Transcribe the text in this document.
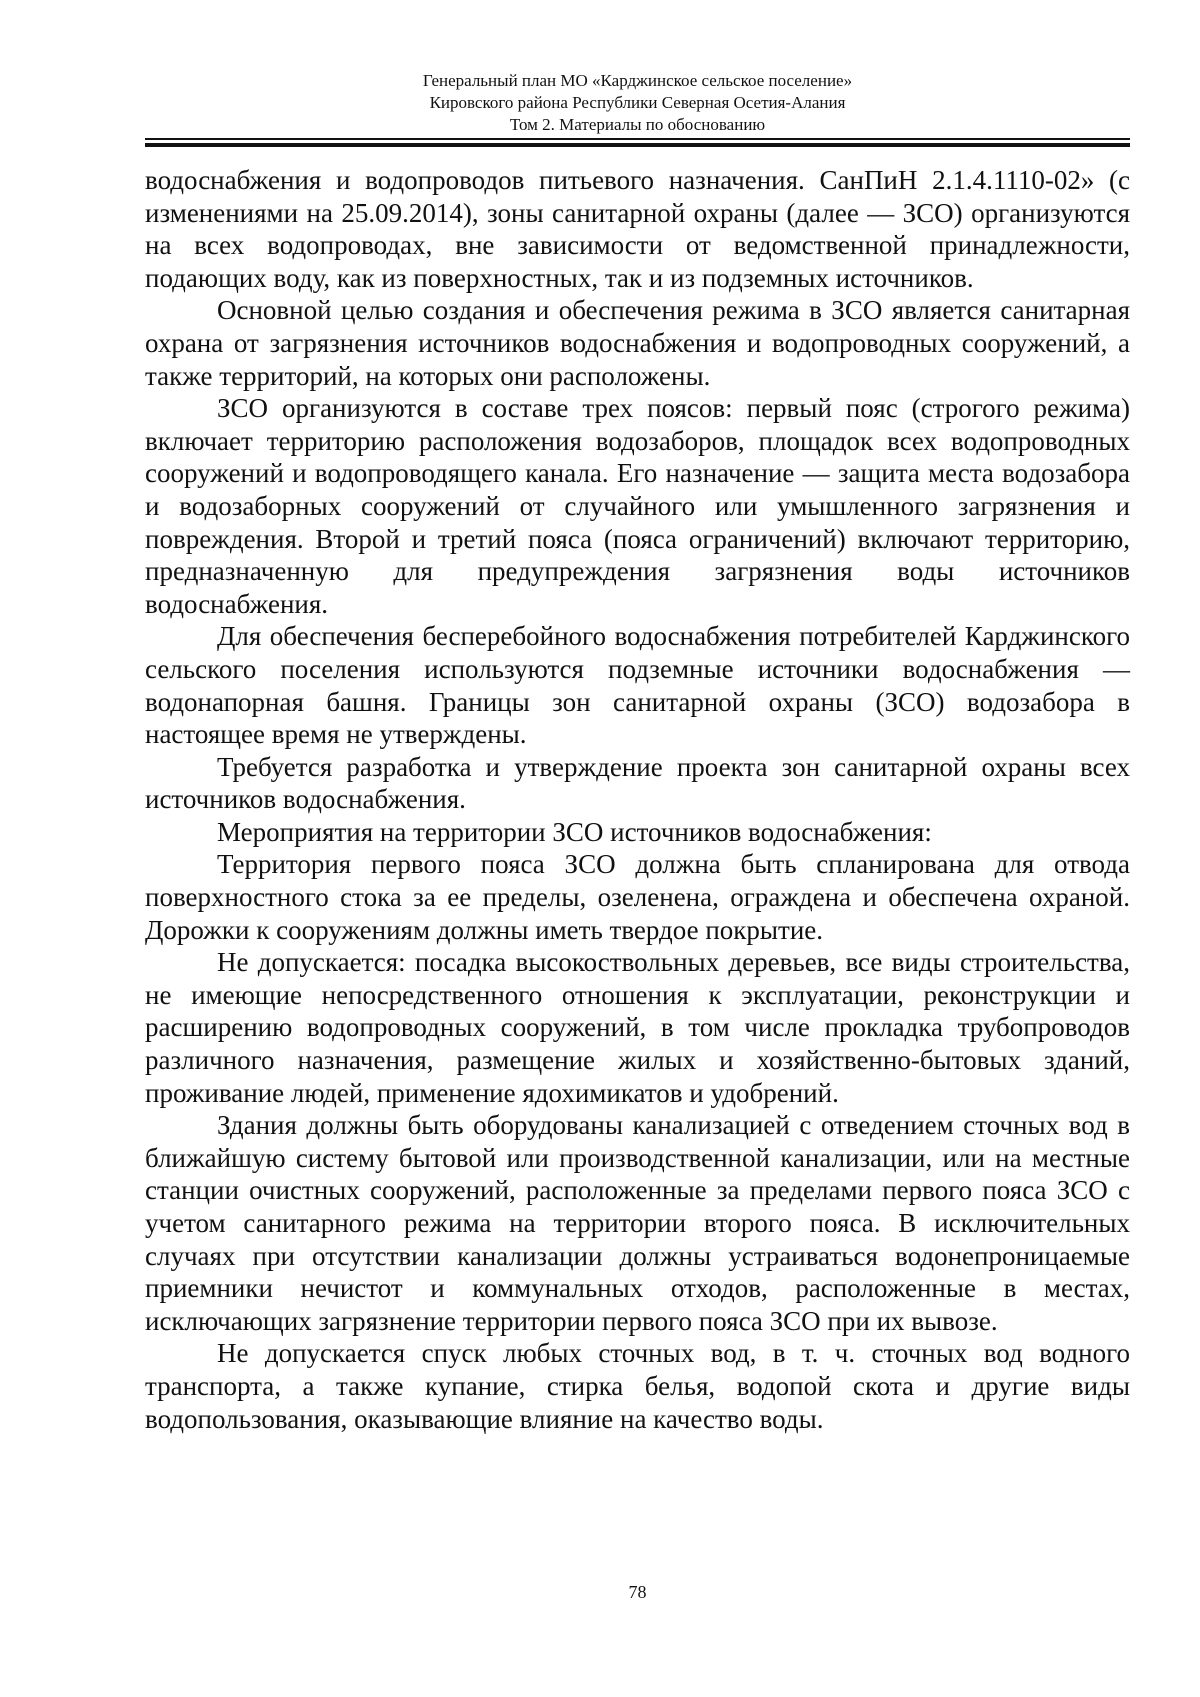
Генеральный план МО «Карджинское сельское поселение»
Кировского района Республики Северная Осетия-Алания
Том 2. Материалы по обоснованию

водоснабжения и водопроводов питьевого назначения. СанПиН 2.1.4.1110-02» (с изменениями на 25.09.2014), зоны санитарной охраны (далее — ЗСО) организуются на всех водопроводах, вне зависимости от ведомственной принадлежности, подающих воду, как из поверхностных, так и из подземных источников.

Основной целью создания и обеспечения режима в ЗСО является санитарная охрана от загрязнения источников водоснабжения и водопроводных сооружений, а также территорий, на которых они расположены.

ЗСО организуются в составе трех поясов: первый пояс (строгого режима) включает территорию расположения водозаборов, площадок всех водопроводных сооружений и водопроводящего канала. Его назначение — защита места водозабора и водозаборных сооружений от случайного или умышленного загрязнения и повреждения. Второй и третий пояса (пояса ограничений) включают территорию, предназначенную для предупреждения загрязнения воды источников водоснабжения.

Для обеспечения бесперебойного водоснабжения потребителей Карджинского сельского поселения используются подземные источники водоснабжения — водонапорная башня. Границы зон санитарной охраны (ЗСО) водозабора в настоящее время не утверждены.

Требуется разработка и утверждение проекта зон санитарной охраны всех источников водоснабжения.

Мероприятия на территории ЗСО источников водоснабжения:

Территория первого пояса ЗСО должна быть спланирована для отвода поверхностного стока за ее пределы, озеленена, ограждена и обеспечена охраной. Дорожки к сооружениям должны иметь твердое покрытие.

Не допускается: посадка высокоствольных деревьев, все виды строительства, не имеющие непосредственного отношения к эксплуатации, реконструкции и расширению водопроводных сооружений, в том числе прокладка трубопроводов различного назначения, размещение жилых и хозяйственно-бытовых зданий, проживание людей, применение ядохимикатов и удобрений.

Здания должны быть оборудованы канализацией с отведением сточных вод в ближайшую систему бытовой или производственной канализации, или на местные станции очистных сооружений, расположенные за пределами первого пояса ЗСО с учетом санитарного режима на территории второго пояса. В исключительных случаях при отсутствии канализации должны устраиваться водонепроницаемые приемники нечистот и коммунальных отходов, расположенные в местах, исключающих загрязнение территории первого пояса ЗСО при их вывозе.

Не допускается спуск любых сточных вод, в т. ч. сточных вод водного транспорта, а также купание, стирка белья, водопой скота и другие виды водопользования, оказывающие влияние на качество воды.

78
